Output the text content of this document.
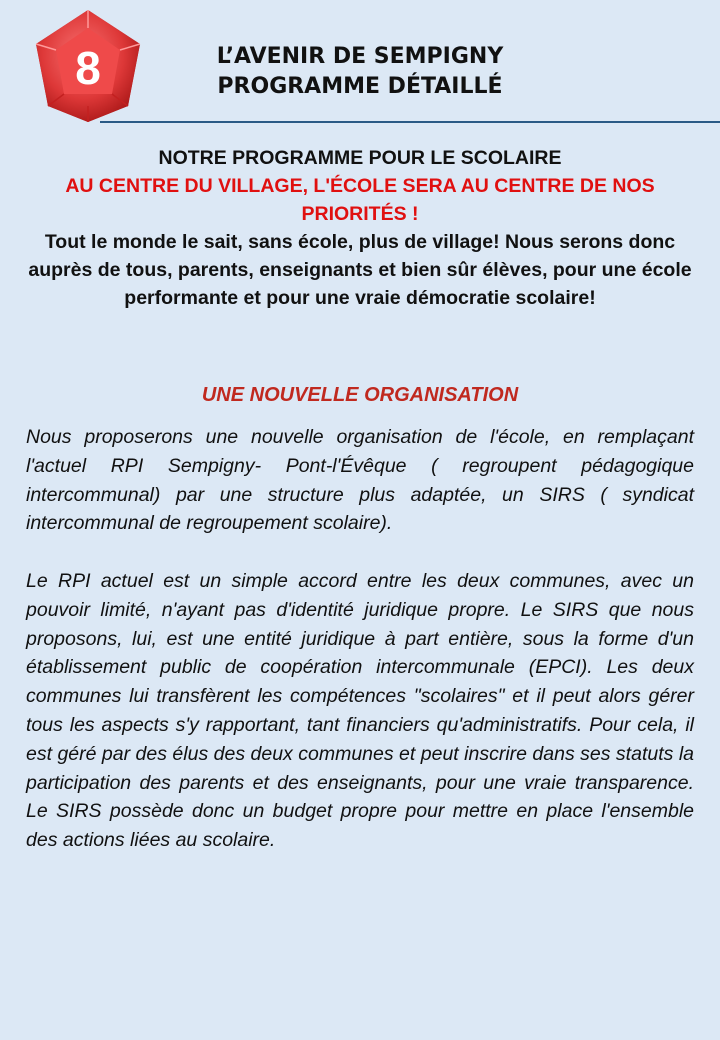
8	L’AVENIR DE SEMPIGNY
PROGRAMME DÉTAILLÉ
NOTRE PROGRAMME POUR LE SCOLAIRE
AU CENTRE DU VILLAGE, L'ÉCOLE SERA AU CENTRE DE NOS PRIORITÉS !
Tout le monde le sait, sans école, plus de village! Nous serons donc auprès de tous, parents, enseignants et bien sûr élèves, pour une école performante et pour une vraie démocratie scolaire!
UNE NOUVELLE ORGANISATION

Nous proposerons une nouvelle organisation de l'école, en remplaçant l'actuel RPI Sempigny- Pont-l'Évêque ( regroupent pédagogique intercommunal) par une structure plus adaptée, un SIRS ( syndicat intercommunal de regroupement scolaire).

Le RPI actuel est un simple accord entre les deux communes, avec un pouvoir limité, n'ayant pas d'identité juridique propre. Le SIRS que nous proposons, lui, est une entité juridique à part entière, sous la forme d'un établissement public de coopération intercommunale (EPCI). Les deux communes lui transfèrent les compétences "scolaires" et il peut alors gérer tous les aspects s'y rapportant, tant financiers qu'administratifs. Pour cela, il est géré par des élus des deux communes et peut inscrire dans ses statuts la participation des parents et des enseignants, pour une vraie transparence. Le SIRS possède donc un budget propre pour mettre en place l'ensemble des actions liées au scolaire.
